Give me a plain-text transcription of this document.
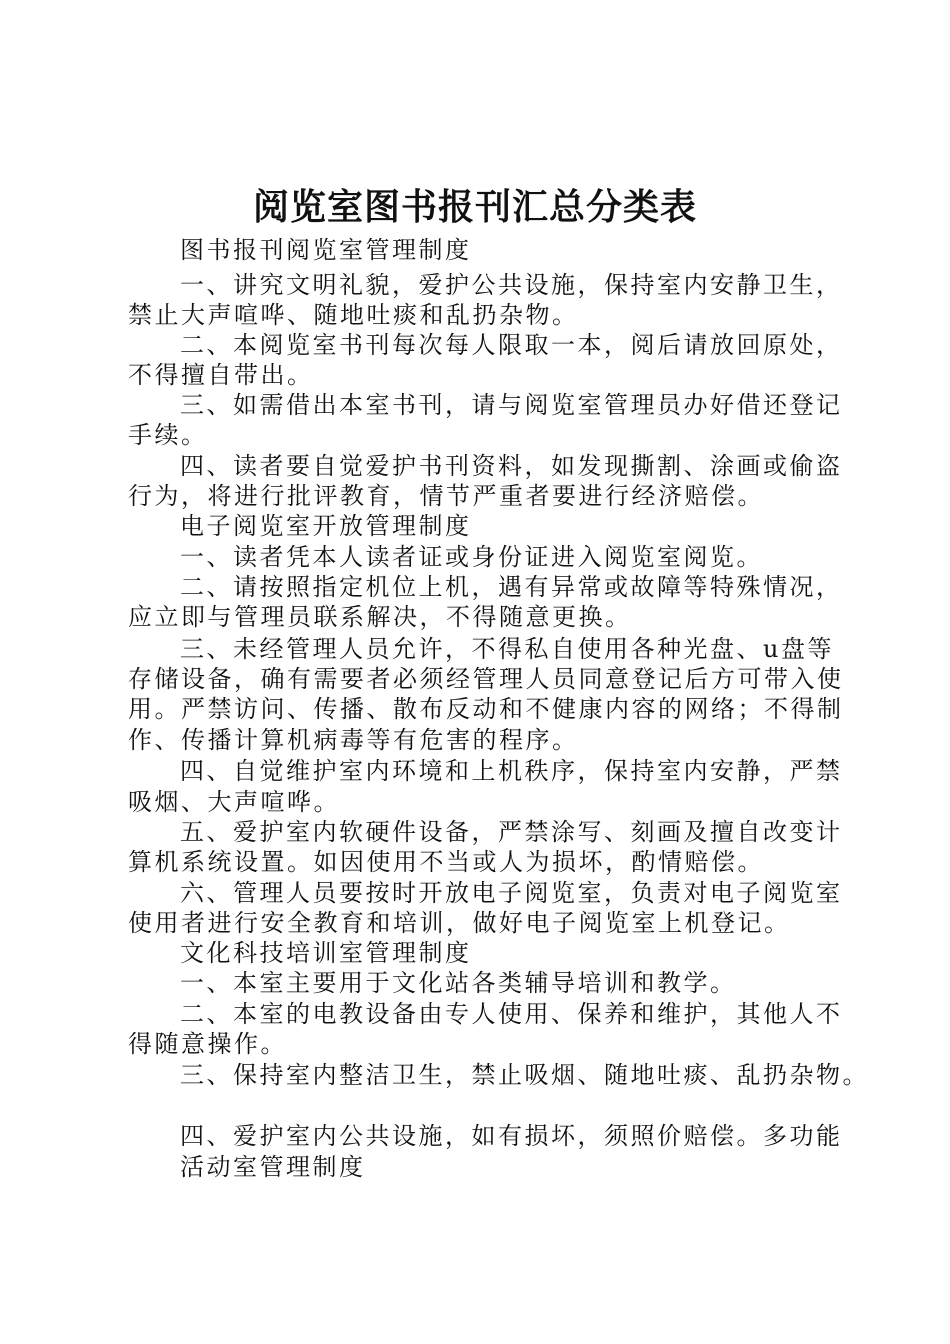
阅览室图书报刊汇总分类表
图书报刊阅览室管理制度
一、讲究文明礼貌，爱护公共设施，保持室内安静卫生，
禁止大声喧哗、随地吐痰和乱扔杂物。
二、本阅览室书刊每次每人限取一本，阅后请放回原处，
不得擅自带出。
三、如需借出本室书刊，请与阅览室管理员办好借还登记
手续。
四、读者要自觉爱护书刊资料，如发现撕割、涂画或偷盗
行为，将进行批评教育，情节严重者要进行经济赔偿。
电子阅览室开放管理制度
一、读者凭本人读者证或身份证进入阅览室阅览。
二、请按照指定机位上机，遇有异常或故障等特殊情况，
应立即与管理员联系解决，不得随意更换。
三、未经管理人员允许，不得私自使用各种光盘、u盘等
存储设备，确有需要者必须经管理人员同意登记后方可带入使
用。严禁访问、传播、散布反动和不健康内容的网络；不得制
作、传播计算机病毒等有危害的程序。
四、自觉维护室内环境和上机秩序，保持室内安静，严禁
吸烟、大声喧哗。
五、爱护室内软硬件设备，严禁涂写、刻画及擅自改变计
算机系统设置。如因使用不当或人为损坏，酌情赔偿。
六、管理人员要按时开放电子阅览室，负责对电子阅览室
使用者进行安全教育和培训，做好电子阅览室上机登记。
文化科技培训室管理制度
一、本室主要用于文化站各类辅导培训和教学。
二、本室的电教设备由专人使用、保养和维护，其他人不
得随意操作。
三、保持室内整洁卫生，禁止吸烟、随地吐痰、乱扔杂物。
四、爱护室内公共设施，如有损坏，须照价赔偿。多功能
活动室管理制度
